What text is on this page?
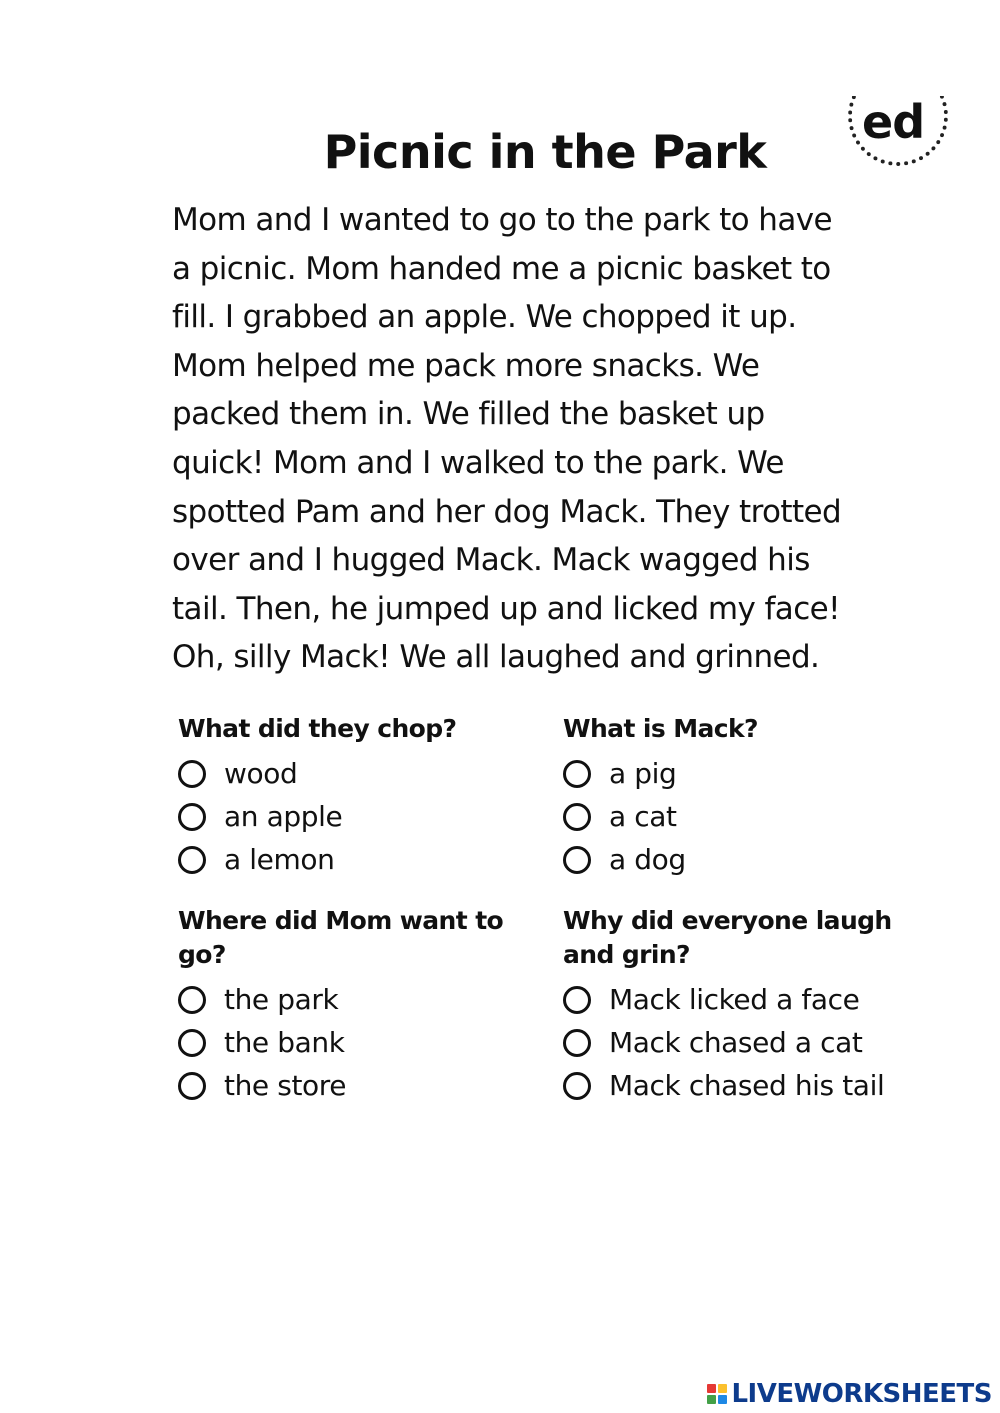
ed
Picnic in the Park
Mom and I wanted to go to the park to have
a picnic. Mom handed me a picnic basket to
fill. I grabbed an apple. We chopped it up.
Mom helped me pack more snacks. We
packed them in. We filled the basket up
quick! Mom and I walked to the park. We
spotted Pam and her dog Mack. They trotted
over and I hugged Mack. Mack wagged his
tail. Then, he jumped up and licked my face!
Oh, silly Mack! We all laughed and grinned.

What did they chop?

wood
an apple
a lemon

What is Mack?

a pig
a cat
a dog

Where did Mom want to go?

the park
the bank
the store

Why did everyone laugh and grin?

Mack licked a face
Mack chased a cat
Mack chased his tail
LIVEWORKSHEETS
